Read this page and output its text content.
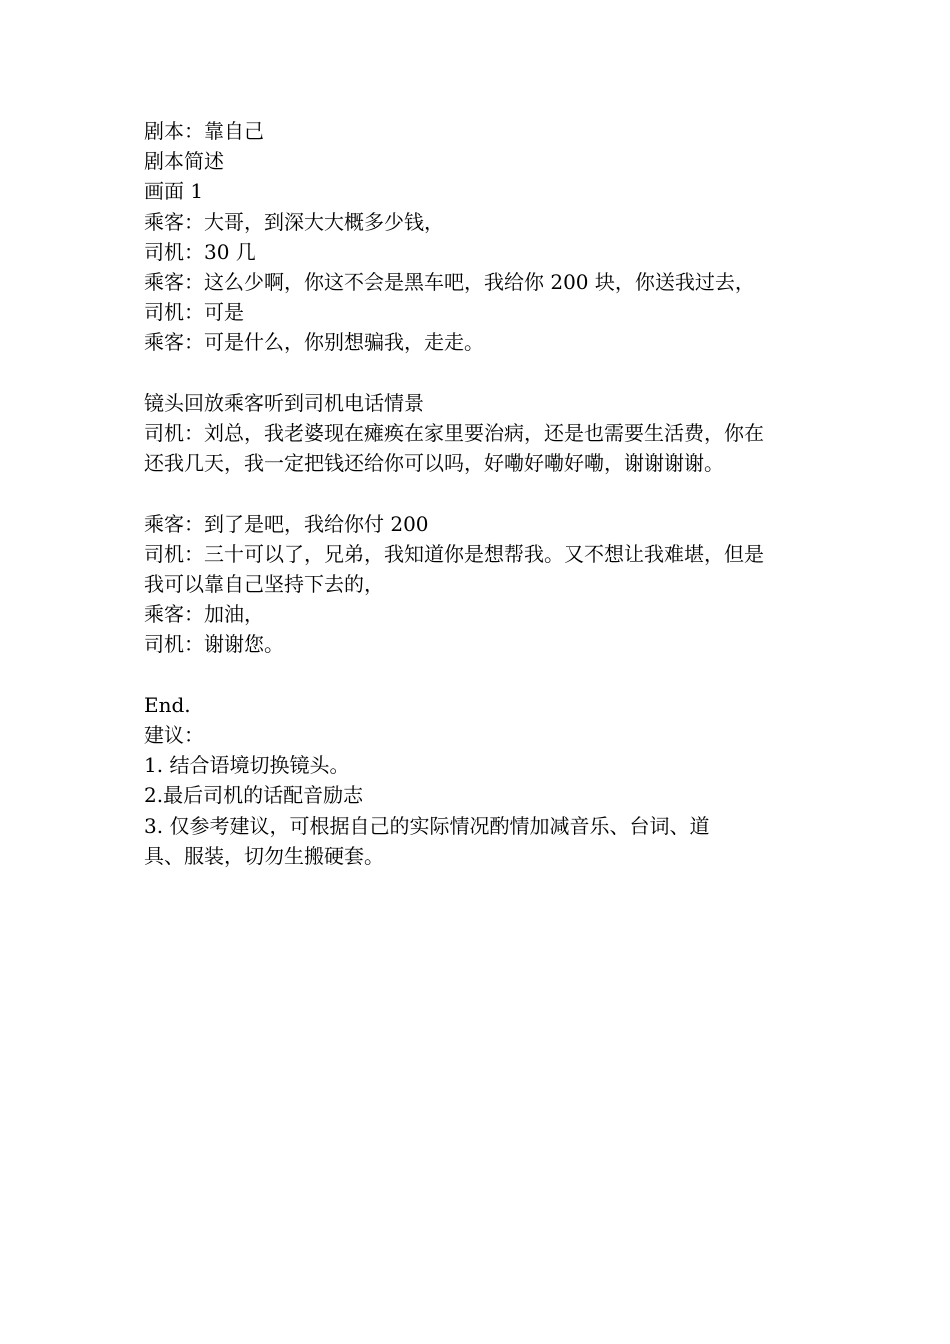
剧本：靠自己

剧本简述

画面 1

乘客：大哥，到深大大概多少钱，

司机：30 几

乘客：这么少啊，你这不会是黑车吧，我给你 200 块，你送我过去，

司机：可是

乘客：可是什么，你别想骗我，走走。

镜头回放乘客听到司机电话情景

司机：刘总，我老婆现在瘫痪在家里要治病，还是也需要生活费，你在

还我几天，我一定把钱还给你可以吗，好嘞好嘞好嘞，谢谢谢谢。

乘客：到了是吧，我给你付 200

司机：三十可以了，兄弟，我知道你是想帮我。又不想让我难堪，但是

我可以靠自己坚持下去的，

乘客：加油，

司机：谢谢您。

End.

建议：

1. 结合语境切换镜头。

2.最后司机的话配音励志

3. 仅参考建议，可根据自己的实际情况酌情加减音乐、台词、道

具、服装，切勿生搬硬套。
